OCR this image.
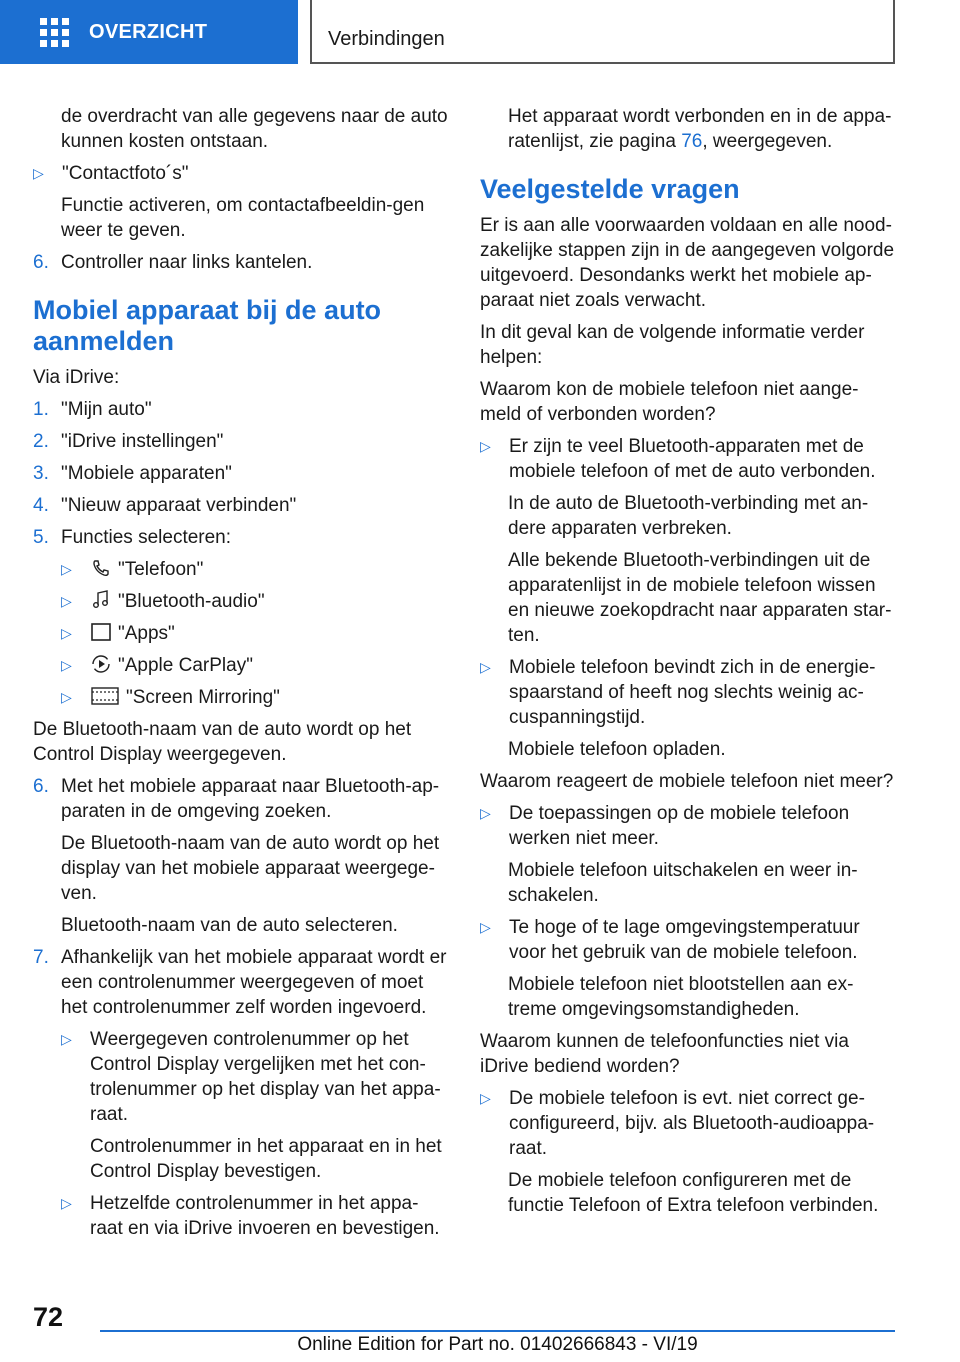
OVERZICHT	Verbindingen

de overdracht van alle gegevens naar de auto kunnen kosten ontstaan.

▷ "Contactfoto´s"

Functie activeren, om contactafbeeldin-gen weer te geven.

6. Controller naar links kantelen.
Mobiel apparaat bij de auto aanmelden

Via iDrive:

1. "Mijn auto"
2. "iDrive instellingen"
3. "Mobiele apparaten"
4. "Nieuw apparaat verbinden"
5. Functies selecteren:
▷	"Telefoon"
▷	"Bluetooth-audio"
▷	"Apps"
▷	"Apple CarPlay"
▷	"Screen Mirroring"

De Bluetooth-naam van de auto wordt op het Control Display weergegeven.

6. Met het mobiele apparaat naar Bluetooth-ap-paraten in de omgeving zoeken.

De Bluetooth-naam van de auto wordt op het display van het mobiele apparaat weergege-ven.

Bluetooth-naam van de auto selecteren.

7. Afhankelijk van het mobiele apparaat wordt er een controlenummer weergegeven of moet het controlenummer zelf worden ingevoerd.
▷ Weergegeven controlenummer op het Control Display vergelijken met het con-trolenummer op het display van het appa-raat.

Controlenummer in het apparaat en in het Control Display bevestigen.

▷ Hetzelfde controlenummer in het appa-raat en via iDrive invoeren en bevestigen.

Het apparaat wordt verbonden en in de appa-ratenlijst, zie pagina 76, weergegeven.

Veelgestelde vragen

Er is aan alle voorwaarden voldaan en alle nood-zakelijke stappen zijn in de aangegeven volgorde uitgevoerd. Desondanks werkt het mobiele ap-paraat niet zoals verwacht.

In dit geval kan de volgende informatie verder helpen:

Waarom kon de mobiele telefoon niet aange-meld of verbonden worden?

▷ Er zijn te veel Bluetooth-apparaten met de mobiele telefoon of met de auto verbonden.

In de auto de Bluetooth-verbinding met an-dere apparaten verbreken.

Alle bekende Bluetooth-verbindingen uit de apparatenlijst in de mobiele telefoon wissen en nieuwe zoekopdracht naar apparaten star-ten.

▷ Mobiele telefoon bevindt zich in de energie-spaarstand of heeft nog slechts weinig ac-cuspanningstijd.

Mobiele telefoon opladen.

Waarom reageert de mobiele telefoon niet meer?

▷ De toepassingen op de mobiele telefoon werken niet meer.

Mobiele telefoon uitschakelen en weer in-schakelen.

▷ Te hoge of te lage omgevingstemperatuur voor het gebruik van de mobiele telefoon.

Mobiele telefoon niet blootstellen aan ex-treme omgevingsomstandigheden.

Waarom kunnen de telefoonfuncties niet via iDrive bediend worden?

▷ De mobiele telefoon is evt. niet correct ge-configureerd, bijv. als Bluetooth-audioappa-raat.

De mobiele telefoon configureren met de functie Telefoon of Extra telefoon verbinden.

72
Online Edition for Part no. 01402666843 - VI/19
